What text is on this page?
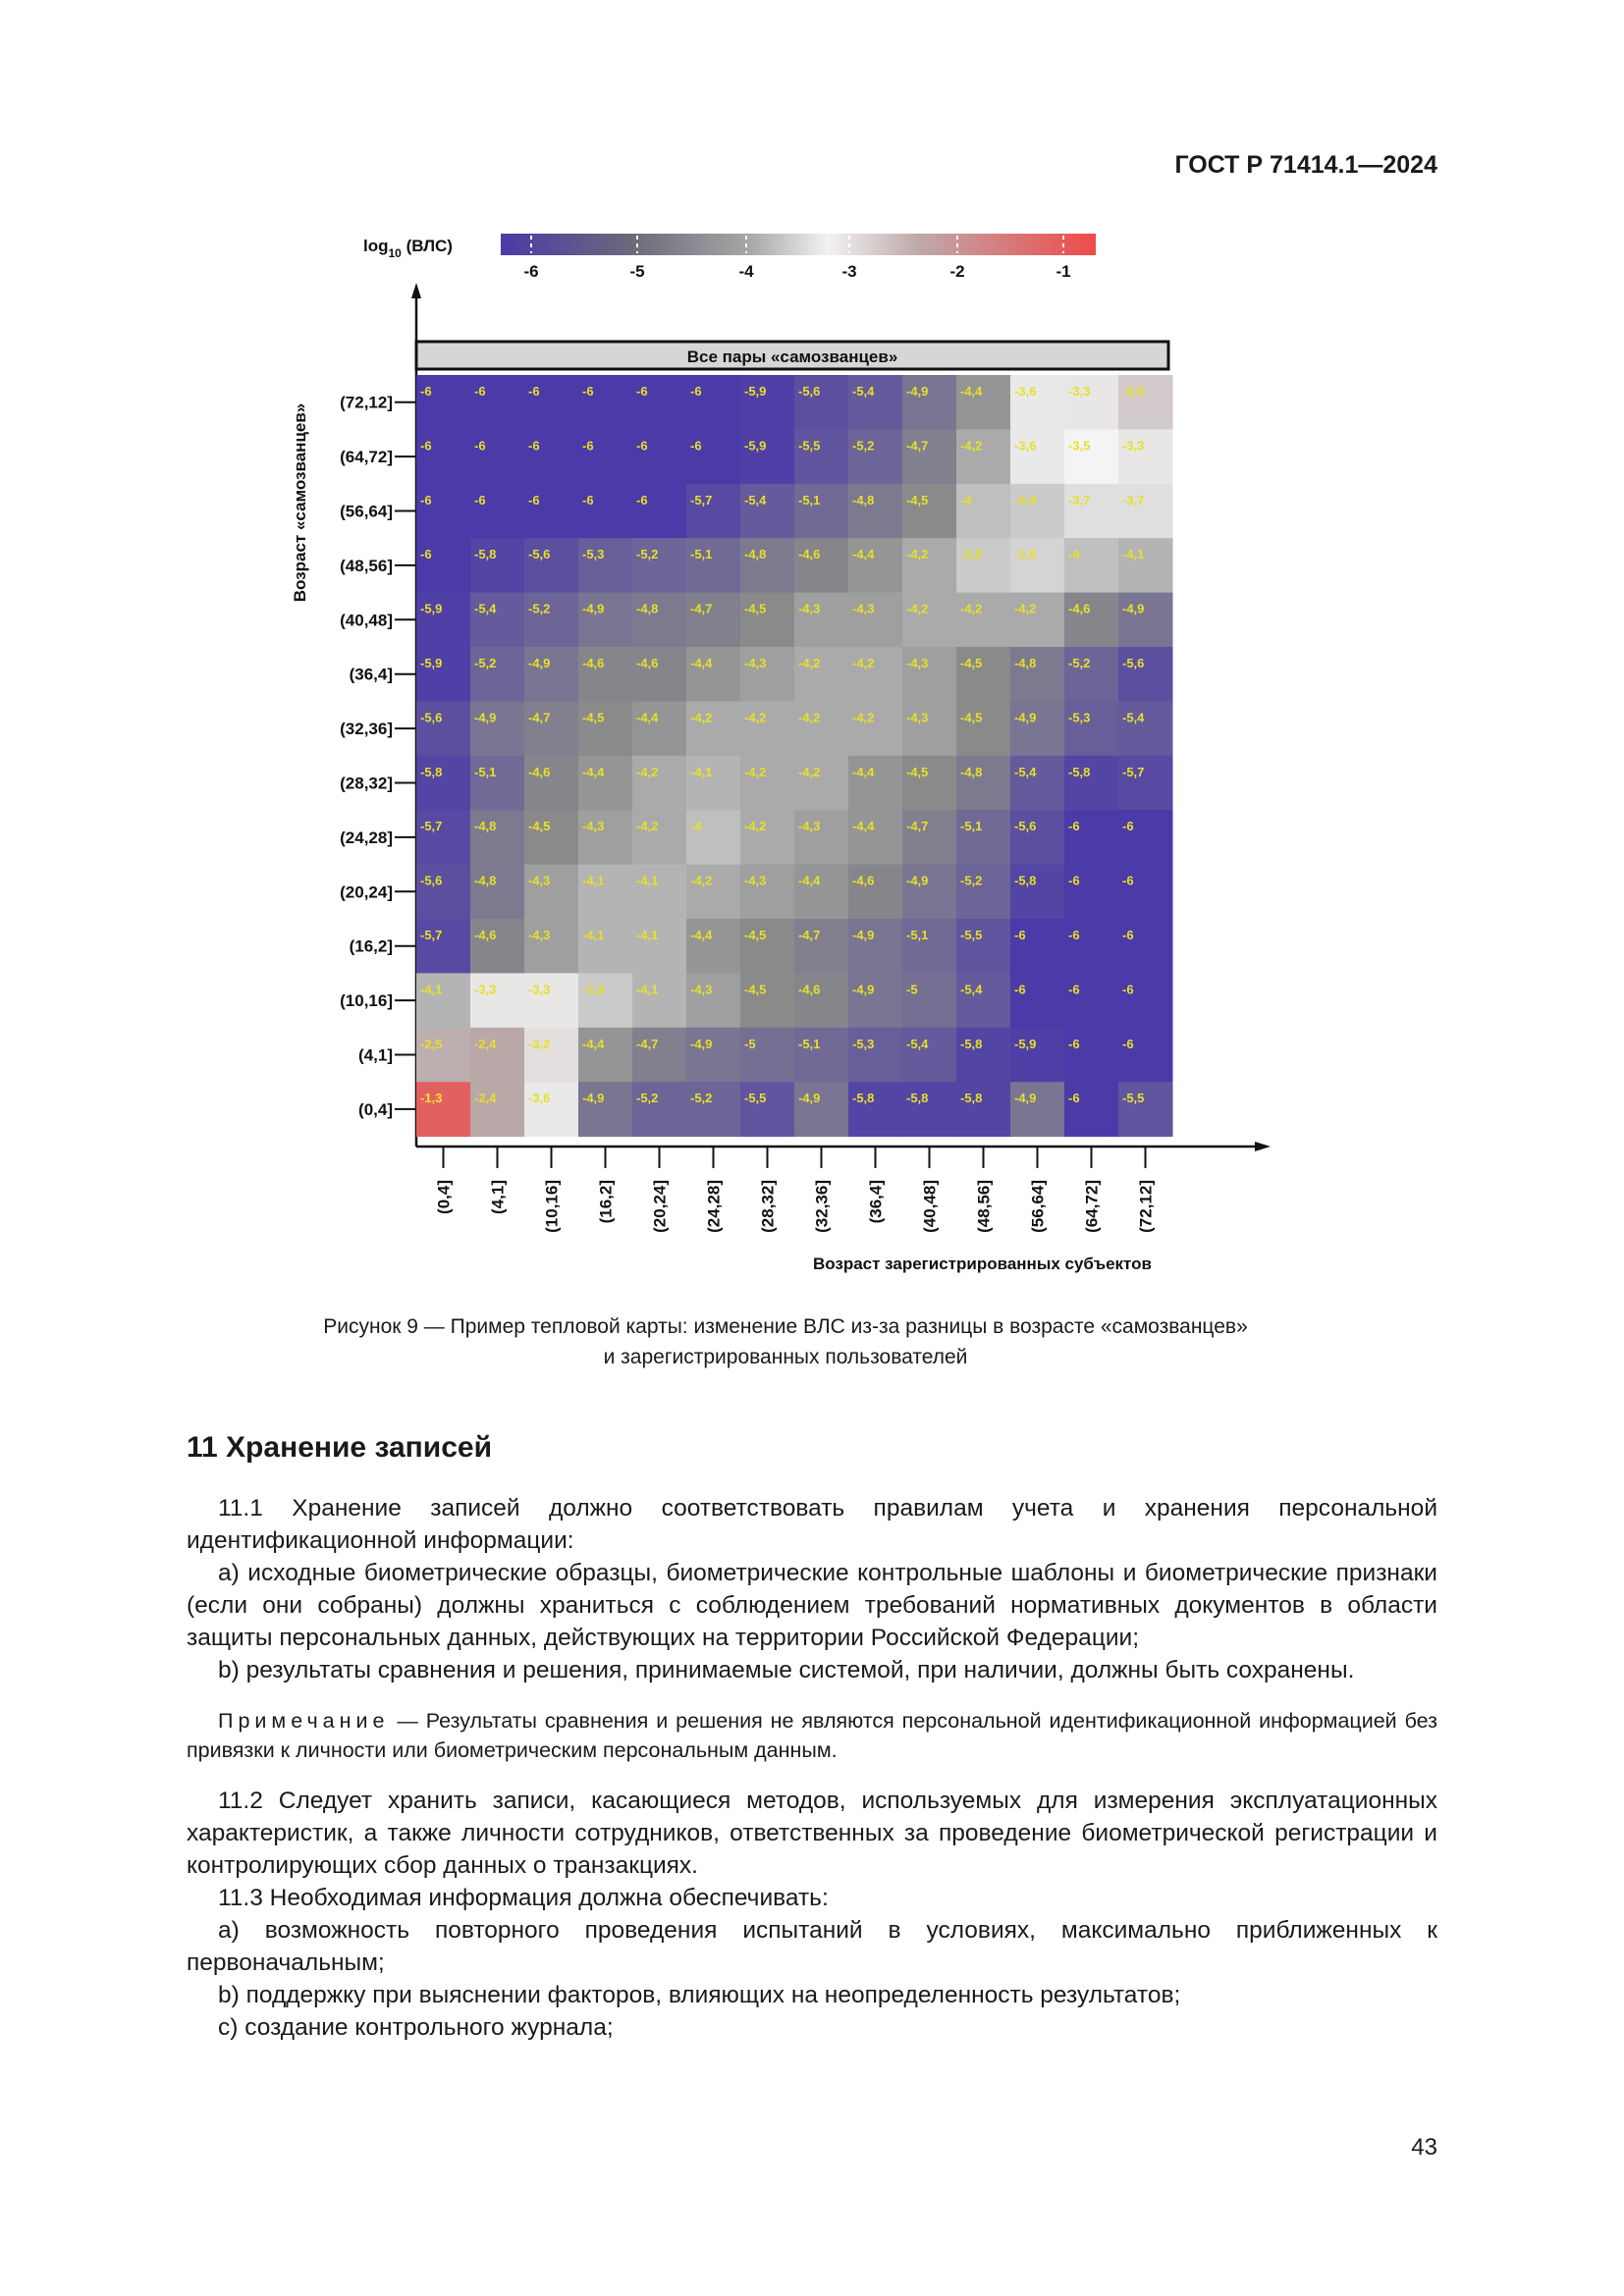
ГОСТ Р 71414.1—2024
$\log_{10} (ВЛС)$
-6	-5	-4	-3	-2	-1
Все пары «самозванцев»
-6	-6	-6	-6	-6	-6	-5,9	-5,6	-5,4	-4,9	-4,4	-3,6	-3,3	-2,9
-6	-6	-6	-6	-6	-6	-5,9	-5,5	-5,2	-4,7	-4,2	-3,6	-3,5	-3,3
-6	-6	-6	-6	-6	-5,7	-5,4	-5,1	-4,8	-4,5	-4	-3,9	-3,7	-3,7
-6	-5,8	-5,6	-5,3	-5,2	-5,1	-4,8	-4,6	-4,4	-4,2	-3,9	-3,8	-4	-4,1
-5,9	-5,4	-5,2	-4,9	-4,8	-4,7	-4,5	-4,3	-4,3	-4,2	-4,2	-4,2	-4,6	-4,9
-5,9	-5,2	-4,9	-4,6	-4,6	-4,4	-4,3	-4,2	-4,2	-4,3	-4,5	-4,8	-5,2	-5,6
-5,6	-4,9	-4,7	-4,5	-4,4	-4,2	-4,2	-4,2	-4,2	-4,3	-4,5	-4,9	-5,3	-5,4
-5,8	-5,1	-4,6	-4,4	-4,2	-4,1	-4,2	-4,2	-4,4	-4,5	-4,8	-5,4	-5,8	-5,7
-5,7	-4,8	-4,5	-4,3	-4,2	-4	-4,2	-4,3	-4,4	-4,7	-5,1	-5,6	-6	-6
-5,6	-4,8	-4,3	-4,1	-4,1	-4,2	-4,3	-4,4	-4,6	-4,9	-5,2	-5,8	-6	-6
-5,7	-4,6	-4,3	-4,1	-4,1	-4,4	-4,5	-4,7	-4,9	-5,1	-5,5	-6	-6	-6
-4,1	-3,3	-3,3	-3,9	-4,1	-4,3	-4,5	-4,6	-4,9	-5	-5,4	-6	-6	-6
-2,5	-2,4	-3,2	-4,4	-4,7	-4,9	-5	-5,1	-5,3	-5,4	-5,8	-5,9	-6	-6
-1,3	-2,4	-3,6	-4,9	-5,2	-5,2	-5,5	-4,9	-5,8	-5,8	-5,8	-4,9	-6	-5,5
(72,12]
(64,72]
(56,64]
(48,56]
(40,48]
(36,4]
(32,36]
(28,32]
(24,28]
(20,24]
(16,2]
(10,16]
(4,1]
(0,4]
(0,4] (4,1] (10,16] (16,2] (20,24] (24,28] (28,32] (32,36] (36,4] (40,48] (48,56] (56,64] (64,72] (72,12]
Возраст «самозванцев»
Возраст зарегистрированных субъектов
Рисунок 9 — Пример тепловой карты: изменение ВЛС из-за разницы в возрасте «самозванцев»
и зарегистрированных пользователей
11 Хранение записей

11.1 Хранение записей должно соответствовать правилам учета и хранения персональной идентификационной информации:

a) исходные биометрические образцы, биометрические контрольные шаблоны и биометрические признаки (если они собраны) должны храниться с соблюдением требований нормативных документов в области защиты персональных данных, действующих на территории Российской Федерации;

b) результаты сравнения и решения, принимаемые системой, при наличии, должны быть сохранены.

Примечание — Результаты сравнения и решения не являются персональной идентификационной информацией без привязки к личности или биометрическим персональным данным.

11.2 Следует хранить записи, касающиеся методов, используемых для измерения эксплуатационных характеристик, а также личности сотрудников, ответственных за проведение биометрической регистрации и контролирующих сбор данных о транзакциях.

11.3 Необходимая информация должна обеспечивать:

a) возможность повторного проведения испытаний в условиях, максимально приближенных к первоначальным;

b) поддержку при выяснении факторов, влияющих на неопределенность результатов;

c) создание контрольного журнала;

43
